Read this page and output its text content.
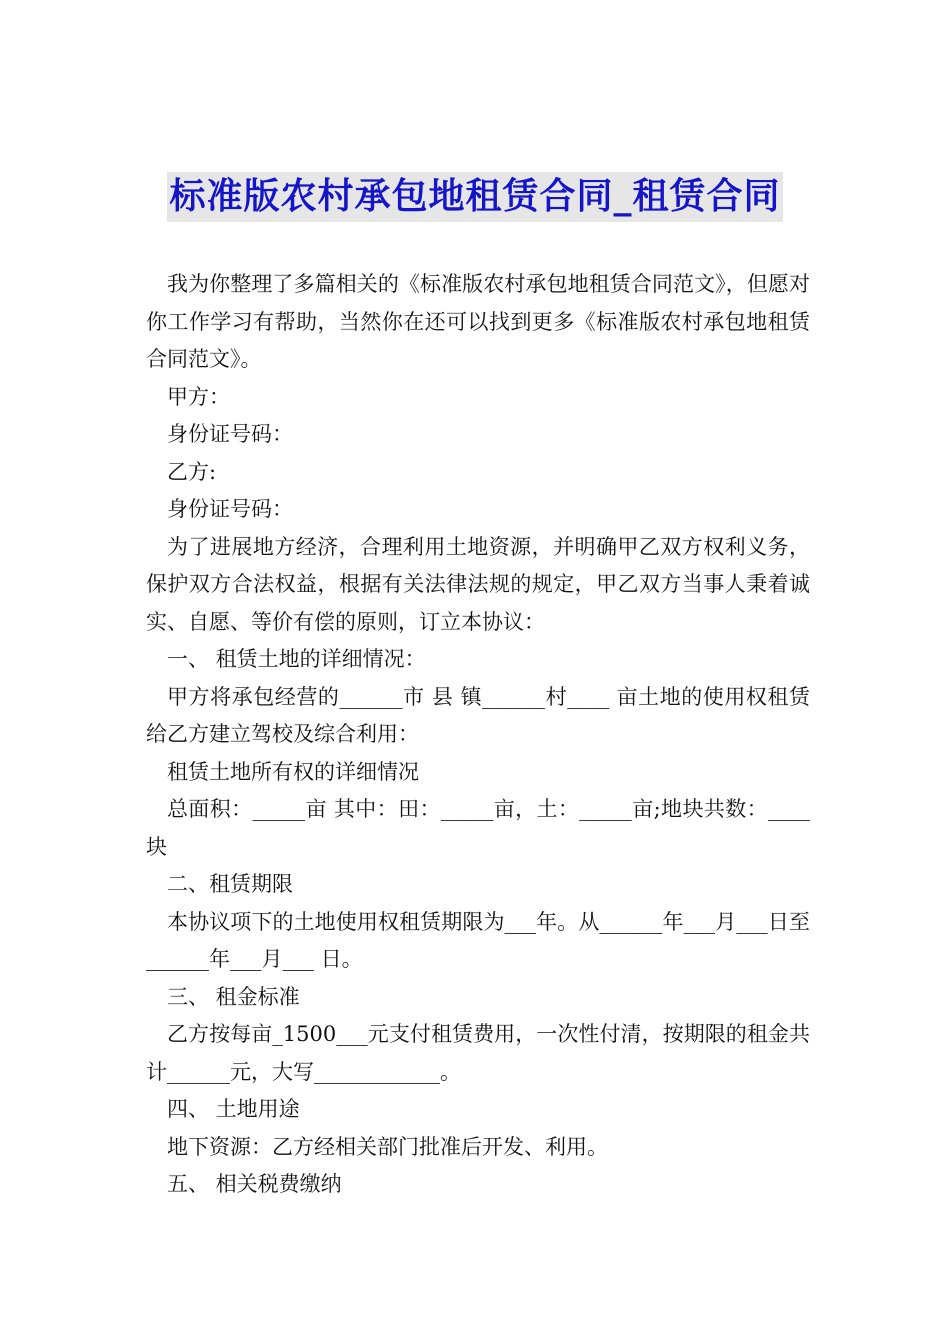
标准版农村承包地租赁合同_租赁合同

我为你整理了多篇相关的《标准版农村承包地租赁合同范文》，但愿对你工作学习有帮助，当然你在还可以找到更多《标准版农村承包地租赁合同范文》。

甲方：

身份证号码：

乙方:

身份证号码：

为了进展地方经济，合理利用土地资源，并明确甲乙双方权利义务，保护双方合法权益，根据有关法律法规的规定，甲乙双方当事人秉着诚实、自愿、等价有偿的原则，订立本协议：

一、 租赁土地的详细情况：

甲方将承包经营的______市 县 镇______村____ 亩土地的使用权租赁给乙方建立驾校及综合利用：

租赁土地所有权的详细情况

总面积：_____亩 其中：田：_____亩，土：_____亩;地块共数：____块

二、租赁期限

本协议项下的土地使用权租赁期限为___年。从______年___月___日至______年___月___ 日。

三、 租金标准

乙方按每亩_1500___元支付租赁费用，一次性付清，按期限的租金共计______元，大写____________。

四、 土地用途

地下资源：乙方经相关部门批准后开发、利用。

五、 相关税费缴纳
